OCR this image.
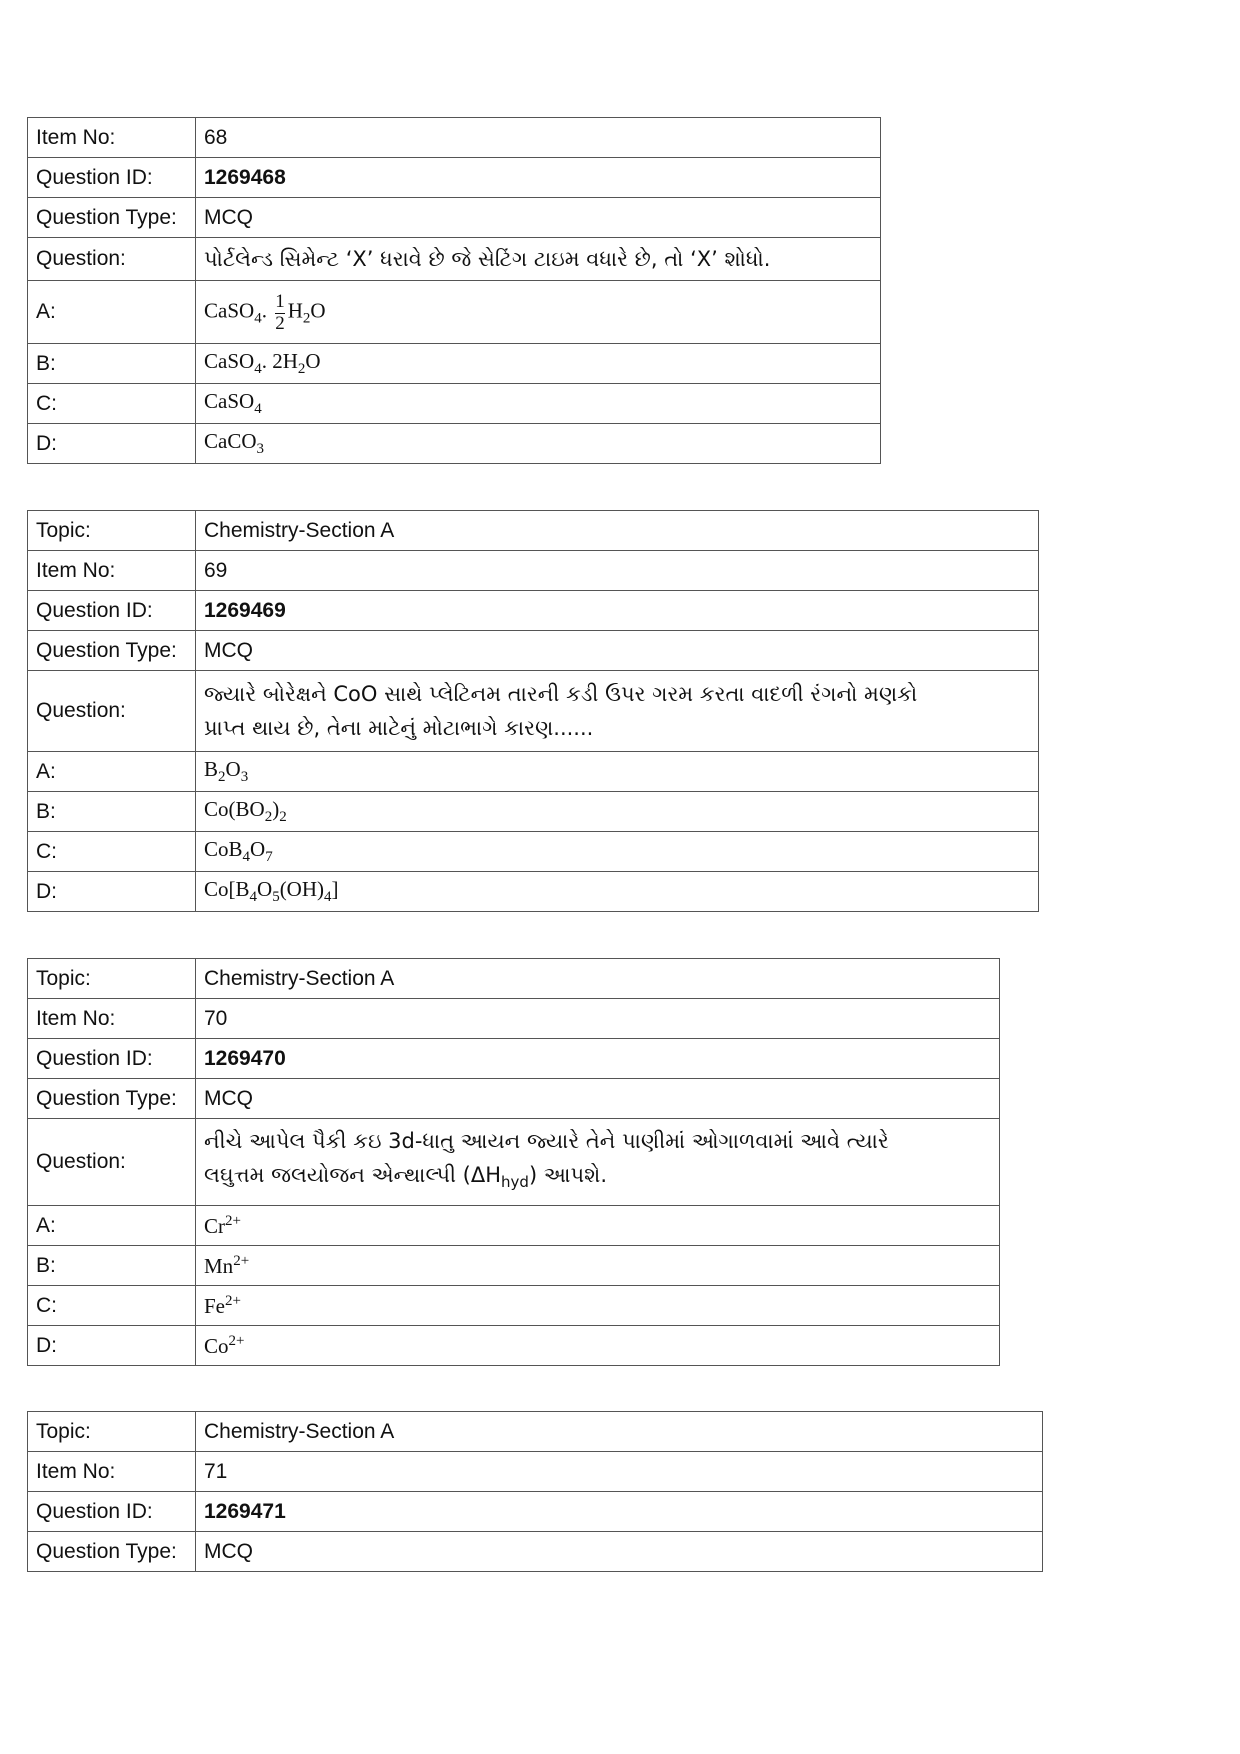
Item No:	68
Question ID:	1269468
Question Type:	MCQ
Question:	પોર્ટલેન્ડ સિમેન્ટ ‘X’ ધરાવે છે જે સેટિંગ ટાઇમ વધારે છે, તો ‘X’ શોધો.
A:	CaSO$_4$. $\frac{1}{2} H_2O$
B:	CaSO$_4$. $2H_2O$
C:	CaSO$_4$
D:	CaCO$_3$
Topic:	Chemistry-Section A
Item No:	69
Question ID:	1269469
Question Type:	MCQ
Question:	જ્યારે બોરેક્ષને CoO સાથે પ્લેટિનમ તારની કડી ઉપર ગરમ કરતા વાદળી રંગનો મણકો
પ્રાપ્ત થાય છે, તેના માટેનું મોટાભાગે કારણ......

A:	$B_2O_3$
B:	$Co(BO_2)_2$
C:	$CoB_4O_7$
D:	$Co[B_4O_5(OH)_4]$
Topic:	Chemistry-Section A
Item No:	70
Question ID:	1269470
Question Type:	MCQ
Question:	નીચે આપેલ પૈકી કઇ 3d-ધાતુ આયન જ્યારે તેને પાણીમાં ઓગાળવામાં આવે ત્યારે
લઘુત્તમ જલયોજન એન્થાલ્પી $(\Delta H_{hyd})$ આપશે.

A:	$Cr^{2+}$
B:	$Mn^{2+}$
C:	$Fe^{2+}$
D:	$Co^{2+}$
Topic:	Chemistry-Section A
Item No:	71
Question ID:	1269471
Question Type:	MCQ
